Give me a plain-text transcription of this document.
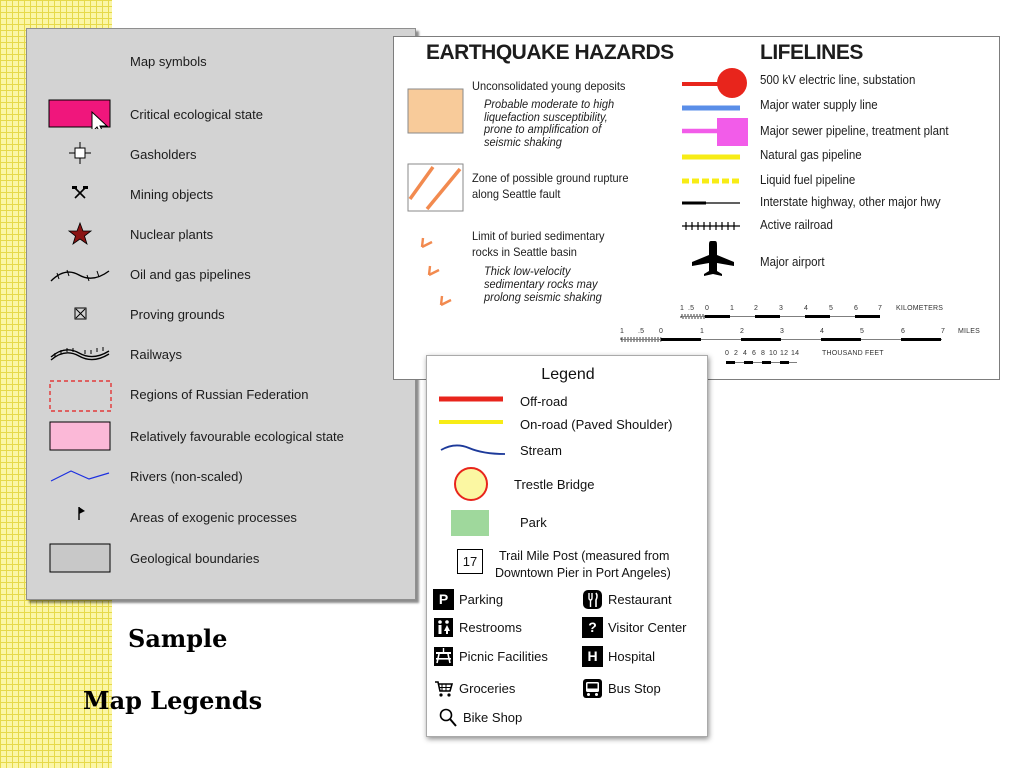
Map symbols
Critical ecological state
Gasholders
Mining objects
Nuclear plants
Oil and gas pipelines
Proving grounds
Railways
Regions of Russian Federation
Relatively favourable ecological state
Rivers (non-scaled)
Areas of exogenic processes
Geological boundaries
EARTHQUAKE HAZARDS	LIFELINES
Unconsolidated young deposits
Probable moderate to high
liquefaction susceptibility,
prone to amplification of
seismic shaking
Zone of possible ground rupture
along Seattle fault
Limit of buried sedimentary
rocks in Seattle basin
Thick low-velocity
sedimentary rocks may
prolong seismic shaking
500 kV electric line, substation
Major water supply line
Major sewer pipeline, treatment plant
Natural gas pipeline
Liquid fuel pipeline
Interstate highway, other major hwy
Active railroad
Major airport
1 .5 0	1	2	3	4	5	6	7 KILOMETERS
1 .5 0	1	2	3	4	5	6	7 MILES
0 2 4 6 8 10 12 14	THOUSAND FEET
Legend
Off-road
On-road (Paved Shoulder)
Stream
Trestle Bridge
Park
17	Trail Mile Post (measured from
Downtown Pier in Port Angeles)
P Parking	Restaurant
Restrooms	? Visitor Center
Picnic Facilities	H Hospital
Groceries	Bus Stop
Bike Shop
Sample
Map Legends
